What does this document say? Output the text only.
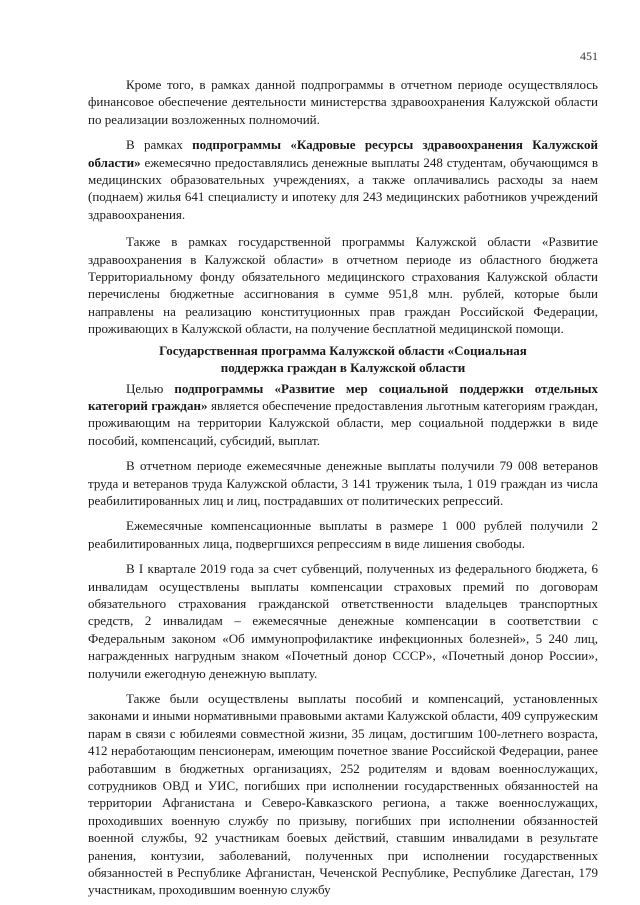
451

Кроме того, в рамках данной подпрограммы в отчетном периоде осуществлялось финансовое обеспечение деятельности министерства здравоохранения Калужской области по реализации возложенных полномочий.

В рамках подпрограммы «Кадровые ресурсы здравоохранения Калужской области» ежемесячно предоставлялись денежные выплаты 248 студентам, обучающимся в медицинских образовательных учреждениях, а также оплачивались расходы за наем (поднаем) жилья 641 специалисту и ипотеку для 243 медицинских работников учреждений здравоохранения.

Также в рамках государственной программы Калужской области «Развитие здравоохранения в Калужской области» в отчетном периоде из областного бюджета Территориальному фонду обязательного медицинского страхования Калужской области перечислены бюджетные ассигнования в сумме 951,8 млн. рублей, которые были направлены на реализацию конституционных прав граждан Российской Федерации, проживающих в Калужской области, на получение бесплатной медицинской помощи.

Государственная программа Калужской области «Социальная поддержка граждан в Калужской области

Целью подпрограммы «Развитие мер социальной поддержки отдельных категорий граждан» является обеспечение предоставления льготным категориям граждан, проживающим на территории Калужской области, мер социальной поддержки в виде пособий, компенсаций, субсидий, выплат.

В отчетном периоде ежемесячные денежные выплаты получили 79 008 ветеранов труда и ветеранов труда Калужской области, 3 141 труженик тыла, 1 019 граждан из числа реабилитированных лиц и лиц, пострадавших от политических репрессий.

Ежемесячные компенсационные выплаты в размере 1 000 рублей получили 2 реабилитированных лица, подвергшихся репрессиям в виде лишения свободы.

В I квартале 2019 года за счет субвенций, полученных из федерального бюджета, 6 инвалидам осуществлены выплаты компенсации страховых премий по договорам обязательного страхования гражданской ответственности владельцев транспортных средств, 2 инвалидам – ежемесячные денежные компенсации в соответствии с Федеральным законом «Об иммунопрофилактике инфекционных болезней», 5 240 лиц, награжденных нагрудным знаком «Почетный донор СССР», «Почетный донор России», получили ежегодную денежную выплату.

Также были осуществлены выплаты пособий и компенсаций, установленных законами и иными нормативными правовыми актами Калужской области, 409 супружеским парам в связи с юбилеями совместной жизни, 35 лицам, достигшим 100-летнего возраста, 412 неработающим пенсионерам, имеющим почетное звание Российской Федерации, ранее работавшим в бюджетных организациях, 252 родителям и вдовам военнослужащих, сотрудников ОВД и УИС, погибших при исполнении государственных обязанностей на территории Афганистана и Северо-Кавказского региона, а также военнослужащих, проходивших военную службу по призыву, погибших при исполнении обязанностей военной службы, 92 участникам боевых действий, ставшим инвалидами в результате ранения, контузии, заболеваний, полученных при исполнении государственных обязанностей в Республике Афганистан, Чеченской Республике, Республике Дагестан, 179 участникам, проходившим военную службу
